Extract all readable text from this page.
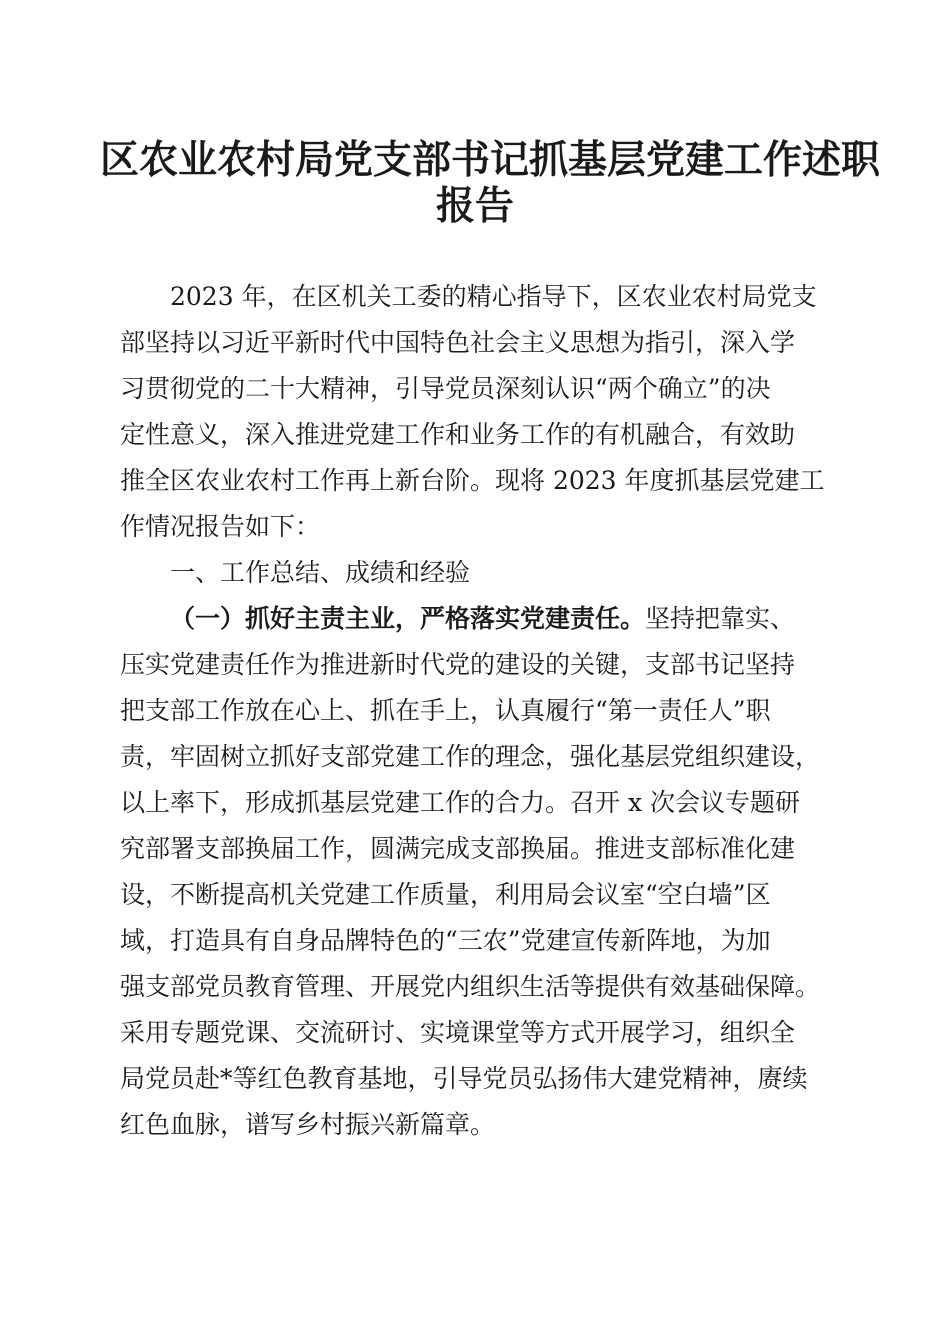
区农业农村局党支部书记抓基层党建工作述职
报告
2023 年，在区机关工委的精心指导下，区农业农村局党支
部坚持以习近平新时代中国特色社会主义思想为指引，深入学
习贯彻党的二十大精神，引导党员深刻认识“两个确立”的决
定性意义，深入推进党建工作和业务工作的有机融合，有效助
推全区农业农村工作再上新台阶。现将 2023 年度抓基层党建工
作情况报告如下：
一、工作总结、成绩和经验
（一）抓好主责主业，严格落实党建责任。坚持把靠实、
压实党建责任作为推进新时代党的建设的关键，支部书记坚持
把支部工作放在心上、抓在手上，认真履行“第一责任人”职
责，牢固树立抓好支部党建工作的理念，强化基层党组织建设，
以上率下，形成抓基层党建工作的合力。召开 x 次会议专题研
究部署支部换届工作，圆满完成支部换届。推进支部标准化建
设，不断提高机关党建工作质量，利用局会议室“空白墙”区
域，打造具有自身品牌特色的“三农”党建宣传新阵地，为加
强支部党员教育管理、开展党内组织生活等提供有效基础保障。
采用专题党课、交流研讨、实境课堂等方式开展学习，组织全
局党员赴*等红色教育基地，引导党员弘扬伟大建党精神，赓续
红色血脉，谱写乡村振兴新篇章。
